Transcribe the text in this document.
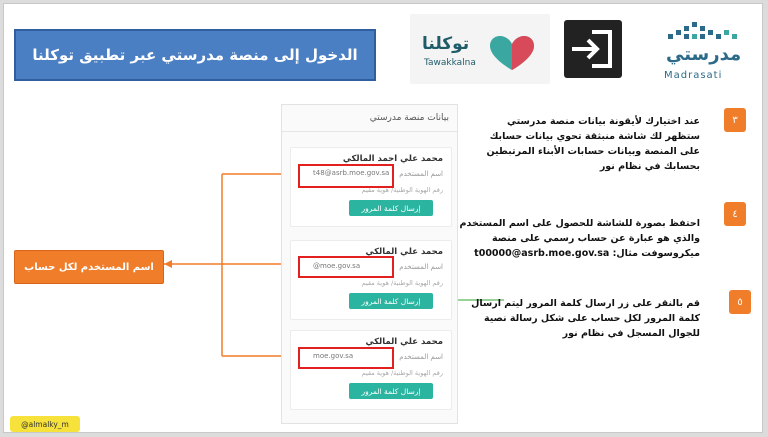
الدخول إلى منصة مدرستي عبر تطبيق توكلنا
توكلنا
Tawakkalna	مدرستي
Madrasati
بيانات منصة مدرستي
محمد علي احمد المالكي
اسم المستخدم
t48@asrb.moe.gov.sa
رقم الهوية الوطنية/ هوية مقيم
إرسال كلمة المرور
محمد علي المالكي
اسم المستخدم
@moe.gov.sa
رقم الهوية الوطنية/ هوية مقيم
إرسال كلمة المرور
محمد علي المالكي
اسم المستخدم
moe.gov.sa
رقم الهوية الوطنية/ هوية مقيم
إرسال كلمة المرور
اسم المستخدم لكل حساب
٣
عند اختيارك لأيقونة بيانات منصة مدرستي
ستظهر لك شاشة منبثقة تحوي بيانات حسابك
على المنصة وبيانات حسابات الأبناء المرتبطين
بحسابك في نظام نور
٤
احتفظ بصورة للشاشة للحصول على اسم المستخدم
والذي هو عبارة عن حساب رسمي على منصة
ميكروسوفت مثال: t00000@asrb.moe.gov.sa
٥
قم بالنقر على زر ارسال كلمة المرور ليتم ارسال
كلمة المرور لكل حساب على شكل رسالة نصية
للجوال المسجل في نظام نور
@almalky_m
